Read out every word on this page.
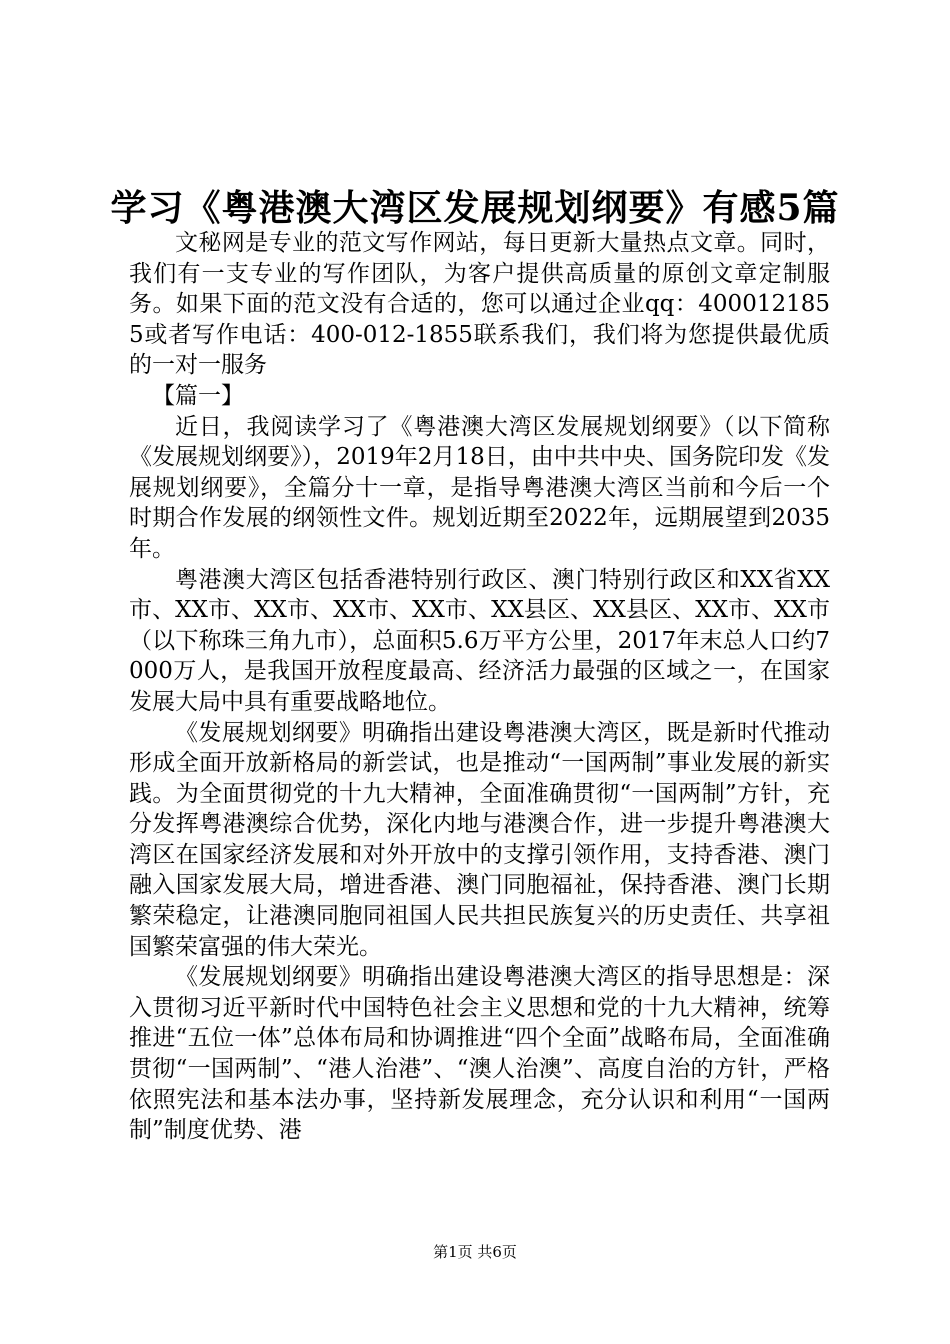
学习《粤港澳大湾区发展规划纲要》有感5篇

文秘网是专业的范文写作网站，每日更新大量热点文章。同时，我们有一支专业的写作团队，为客户提供高质量的原创文章定制服务。如果下面的范文没有合适的，您可以通过企业qq：4000121855或者写作电话：400-012-1855联系我们，我们将为您提供最优质的一对一服务

【篇一】

近日，我阅读学习了《粤港澳大湾区发展规划纲要》（以下简称《发展规划纲要》），2019年2月18日，由中共中央、国务院印发《发展规划纲要》，全篇分十一章，是指导粤港澳大湾区当前和今后一个时期合作发展的纲领性文件。规划近期至2022年，远期展望到2035年。

粤港澳大湾区包括香港特别行政区、澳门特别行政区和XX省XX市、XX市、XX市、XX市、XX市、XX县区、XX县区、XX市、XX市（以下称珠三角九市），总面积5.6万平方公里，2017年末总人口约7000万人，是我国开放程度最高、经济活力最强的区域之一，在国家发展大局中具有重要战略地位。

《发展规划纲要》明确指出建设粤港澳大湾区，既是新时代推动形成全面开放新格局的新尝试，也是推动“一国两制”事业发展的新实践。为全面贯彻党的十九大精神，全面准确贯彻“一国两制”方针，充分发挥粤港澳综合优势，深化内地与港澳合作，进一步提升粤港澳大湾区在国家经济发展和对外开放中的支撑引领作用，支持香港、澳门融入国家发展大局，增进香港、澳门同胞福祉，保持香港、澳门长期繁荣稳定，让港澳同胞同祖国人民共担民族复兴的历史责任、共享祖国繁荣富强的伟大荣光。

《发展规划纲要》明确指出建设粤港澳大湾区的指导思想是：深入贯彻习近平新时代中国特色社会主义思想和党的十九大精神，统筹推进“五位一体”总体布局和协调推进“四个全面”战略布局，全面准确贯彻“一国两制”、“港人治港”、“澳人治澳”、高度自治的方针，严格依照宪法和基本法办事，坚持新发展理念，充分认识和利用“一国两制”制度优势、港

第1页 共6页
